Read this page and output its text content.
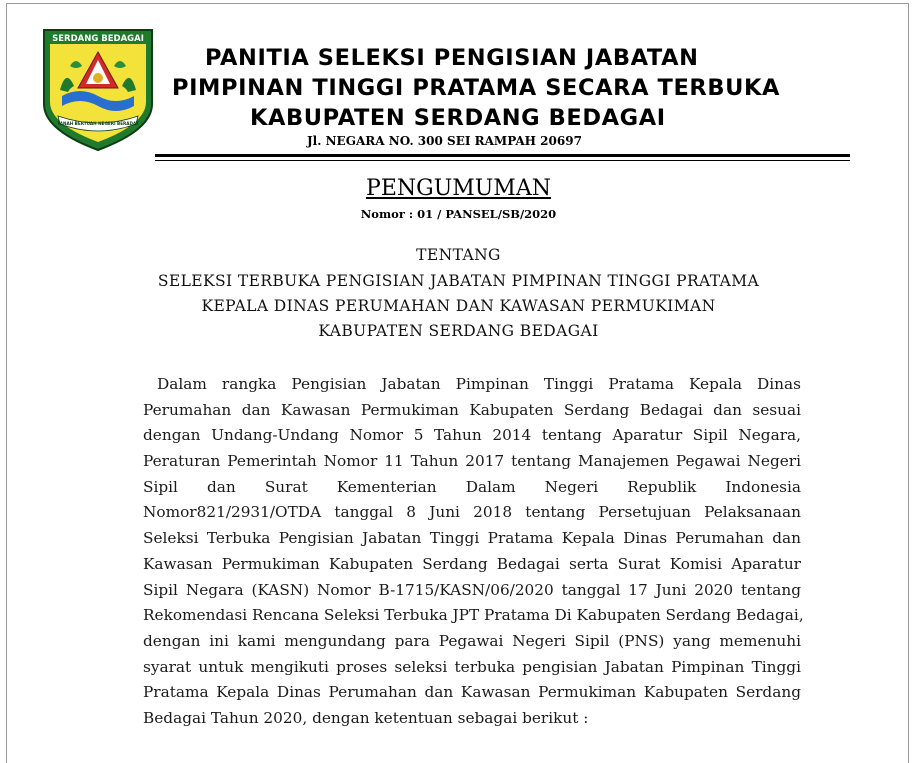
SERDANG BEDAGAI
TANAH BERTUAH NEGERI BERADAT
PANITIA SELEKSI PENGISIAN JABATAN
PIMPINAN TINGGI PRATAMA SECARA TERBUKA
KABUPATEN SERDANG BEDAGAI
Jl. NEGARA NO. 300 SEI RAMPAH 20697
PENGUMUMAN
Nomor : 01 / PANSEL/SB/2020
TENTANG
SELEKSI TERBUKA PENGISIAN JABATAN PIMPINAN TINGGI PRATAMA
KEPALA DINAS PERUMAHAN DAN KAWASAN PERMUKIMAN
KABUPATEN SERDANG BEDAGAI
Dalam rangka Pengisian Jabatan Pimpinan Tinggi Pratama Kepala Dinas
Perumahan dan Kawasan Permukiman Kabupaten Serdang Bedagai dan sesuai
dengan Undang-Undang Nomor 5 Tahun 2014 tentang Aparatur Sipil Negara,
Peraturan Pemerintah Nomor 11 Tahun 2017 tentang Manajemen Pegawai Negeri
Sipil dan Surat Kementerian Dalam Negeri Republik Indonesia
Nomor821/2931/OTDA tanggal 8 Juni 2018 tentang Persetujuan Pelaksanaan
Seleksi Terbuka Pengisian Jabatan Tinggi Pratama Kepala Dinas Perumahan dan
Kawasan Permukiman Kabupaten Serdang Bedagai serta Surat Komisi Aparatur
Sipil Negara (KASN) Nomor B-1715/KASN/06/2020 tanggal 17 Juni 2020 tentang
Rekomendasi Rencana Seleksi Terbuka JPT Pratama Di Kabupaten Serdang Bedagai,
dengan ini kami mengundang para Pegawai Negeri Sipil (PNS) yang memenuhi
syarat untuk mengikuti proses seleksi terbuka pengisian Jabatan Pimpinan Tinggi
Pratama Kepala Dinas Perumahan dan Kawasan Permukiman Kabupaten Serdang
Bedagai Tahun 2020, dengan ketentuan sebagai berikut :
